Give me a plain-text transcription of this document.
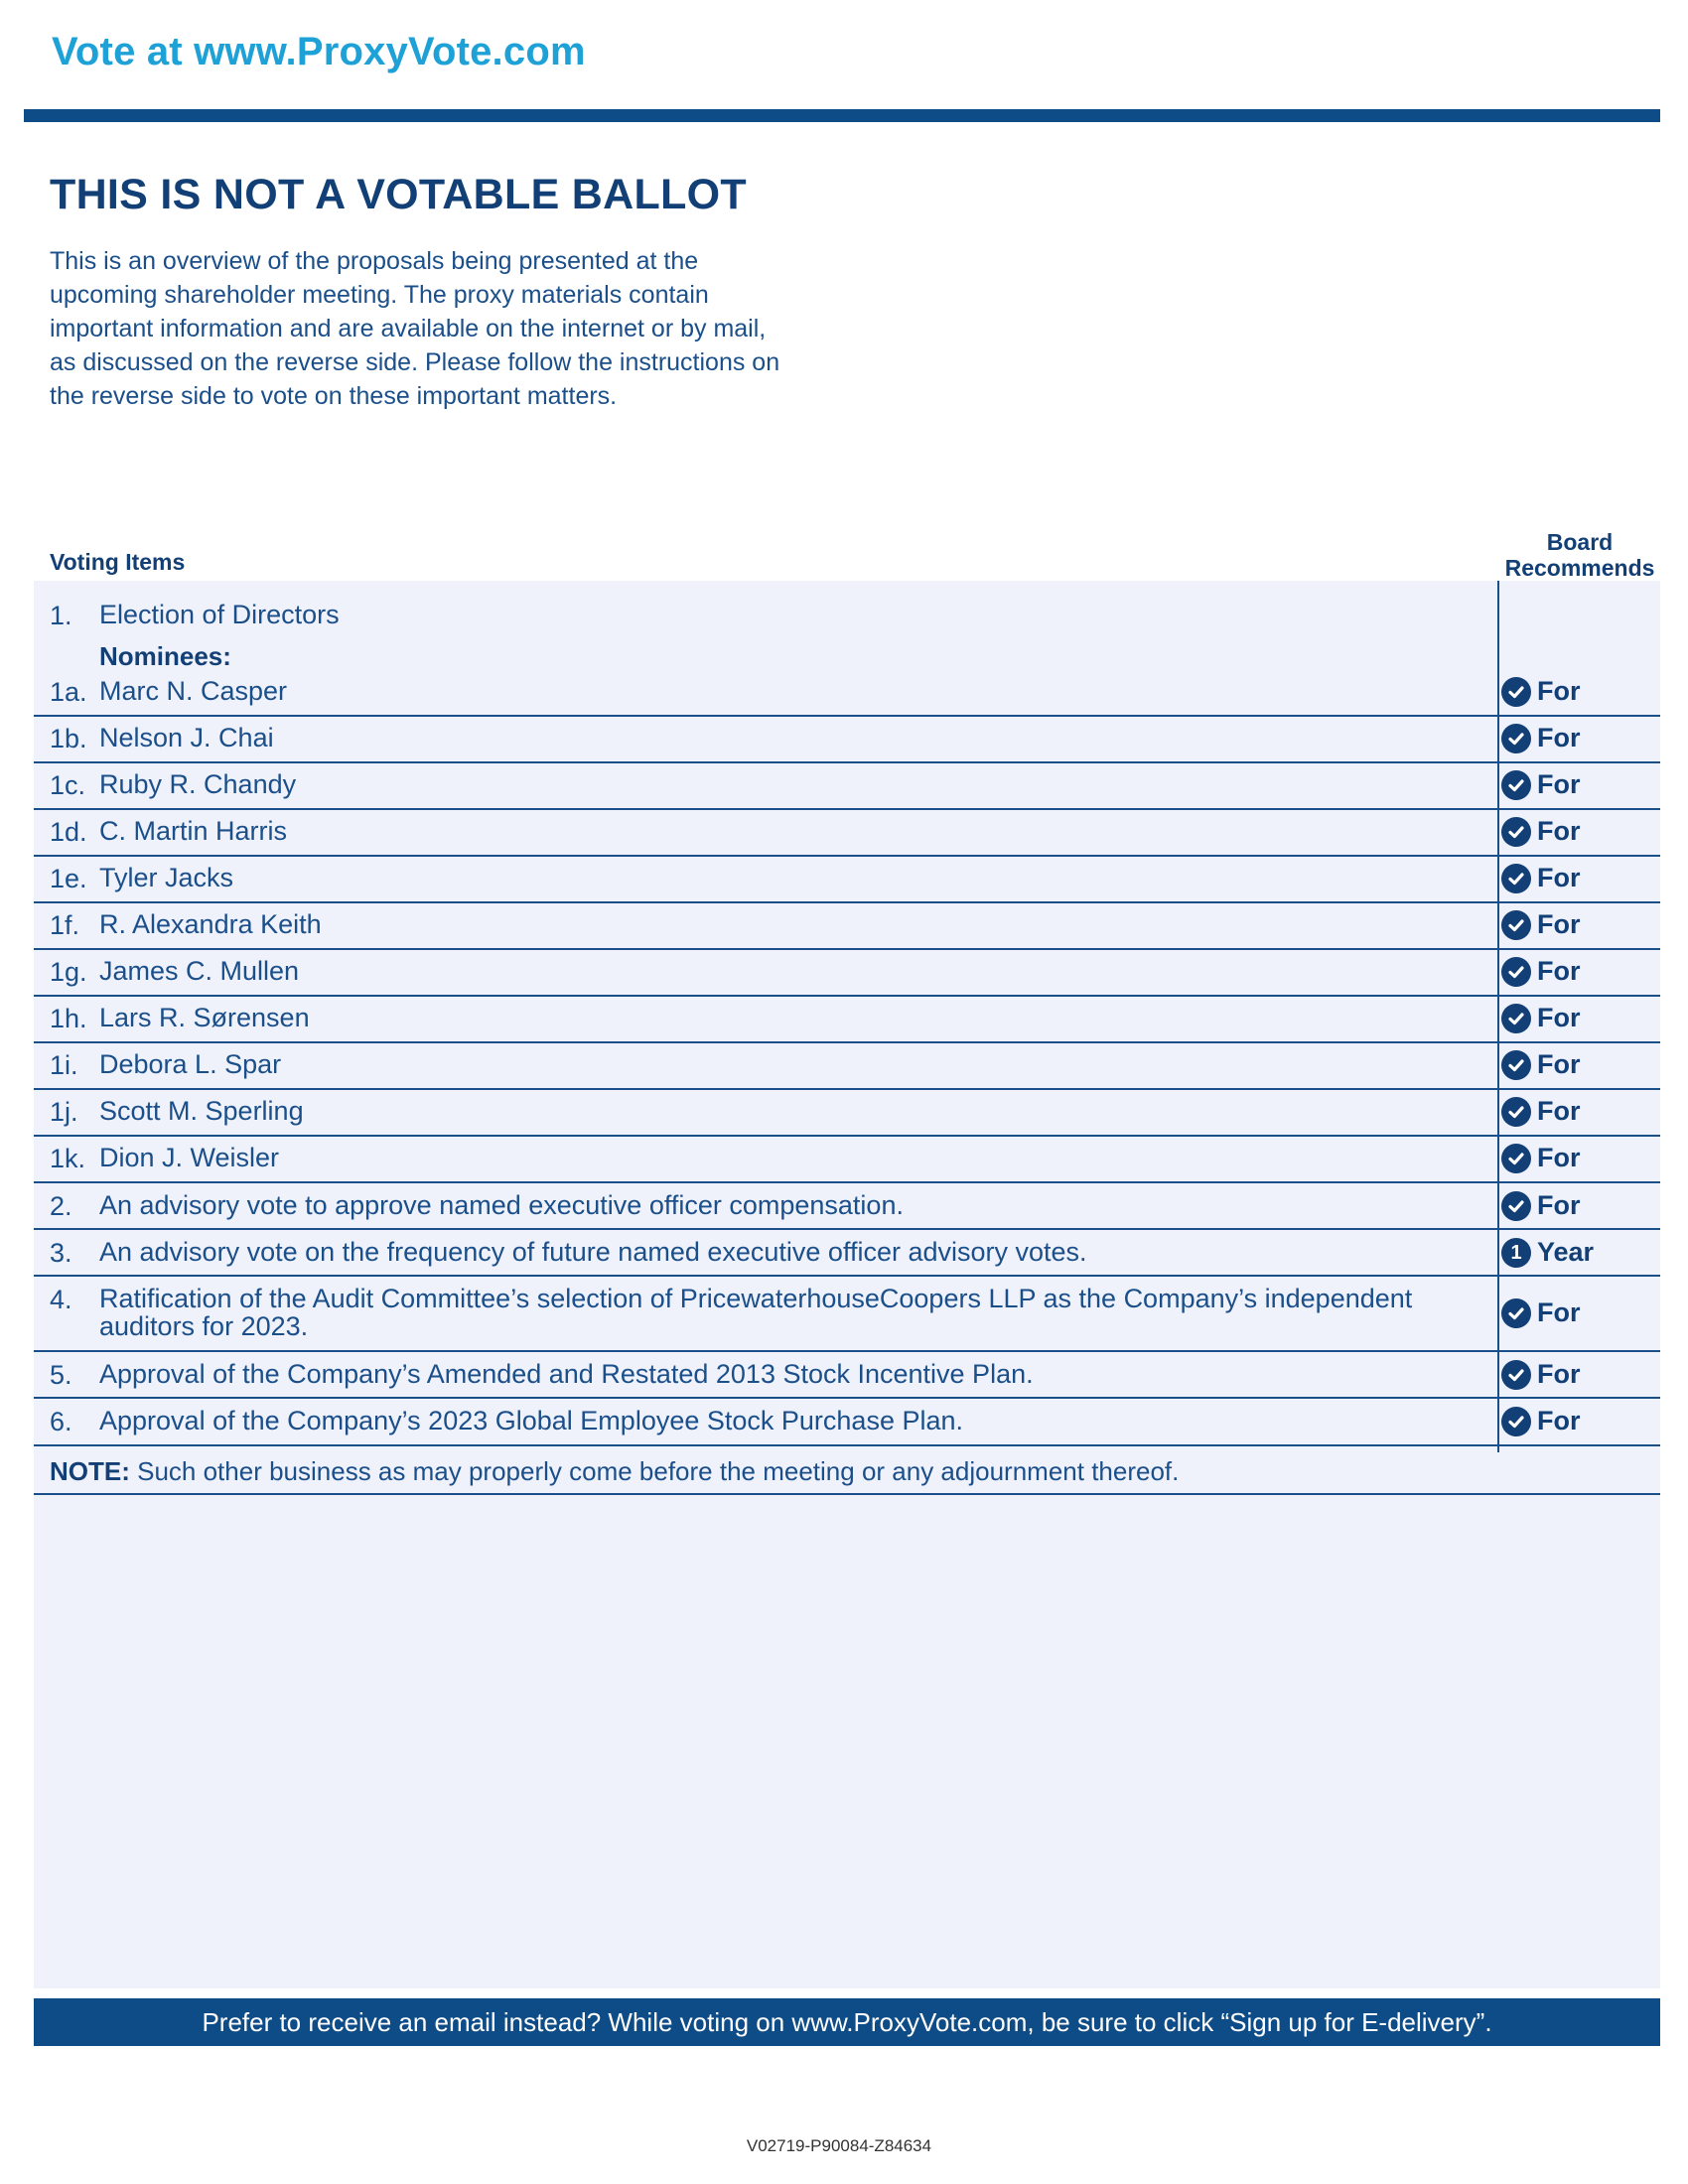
Vote at www.ProxyVote.com
THIS IS NOT A VOTABLE BALLOT

This is an overview of the proposals being presented at the upcoming shareholder meeting. The proxy materials contain important information and are available on the internet or by mail, as discussed on the reverse side. Please follow the instructions on the reverse side to vote on these important matters.

Voting Items
Board
Recommends
1. Election of Directors
Nominees:
1a. Marc N. Casper	For
1b. Nelson J. Chai	For
1c. Ruby R. Chandy	For
1d. C. Martin Harris	For
1e. Tyler Jacks	For
1f. R. Alexandra Keith	For
1g. James C. Mullen	For
1h. Lars R. Sørensen	For
1i. Debora L. Spar	For
1j. Scott M. Sperling	For
1k. Dion J. Weisler	For
2. An advisory vote to approve named executive officer compensation.	For
3. An advisory vote on the frequency of future named executive officer advisory votes.	1 Year
4. Ratification of the Audit Committee’s selection of PricewaterhouseCoopers LLP as the Company’s independent auditors for 2023.	For
5. Approval of the Company’s Amended and Restated 2013 Stock Incentive Plan.	For
6. Approval of the Company’s 2023 Global Employee Stock Purchase Plan.	For
NOTE: Such other business as may properly come before the meeting or any adjournment thereof.
Prefer to receive an email instead? While voting on www.ProxyVote.com, be sure to click “Sign up for E-delivery”.
V02719-P90084-Z84634
